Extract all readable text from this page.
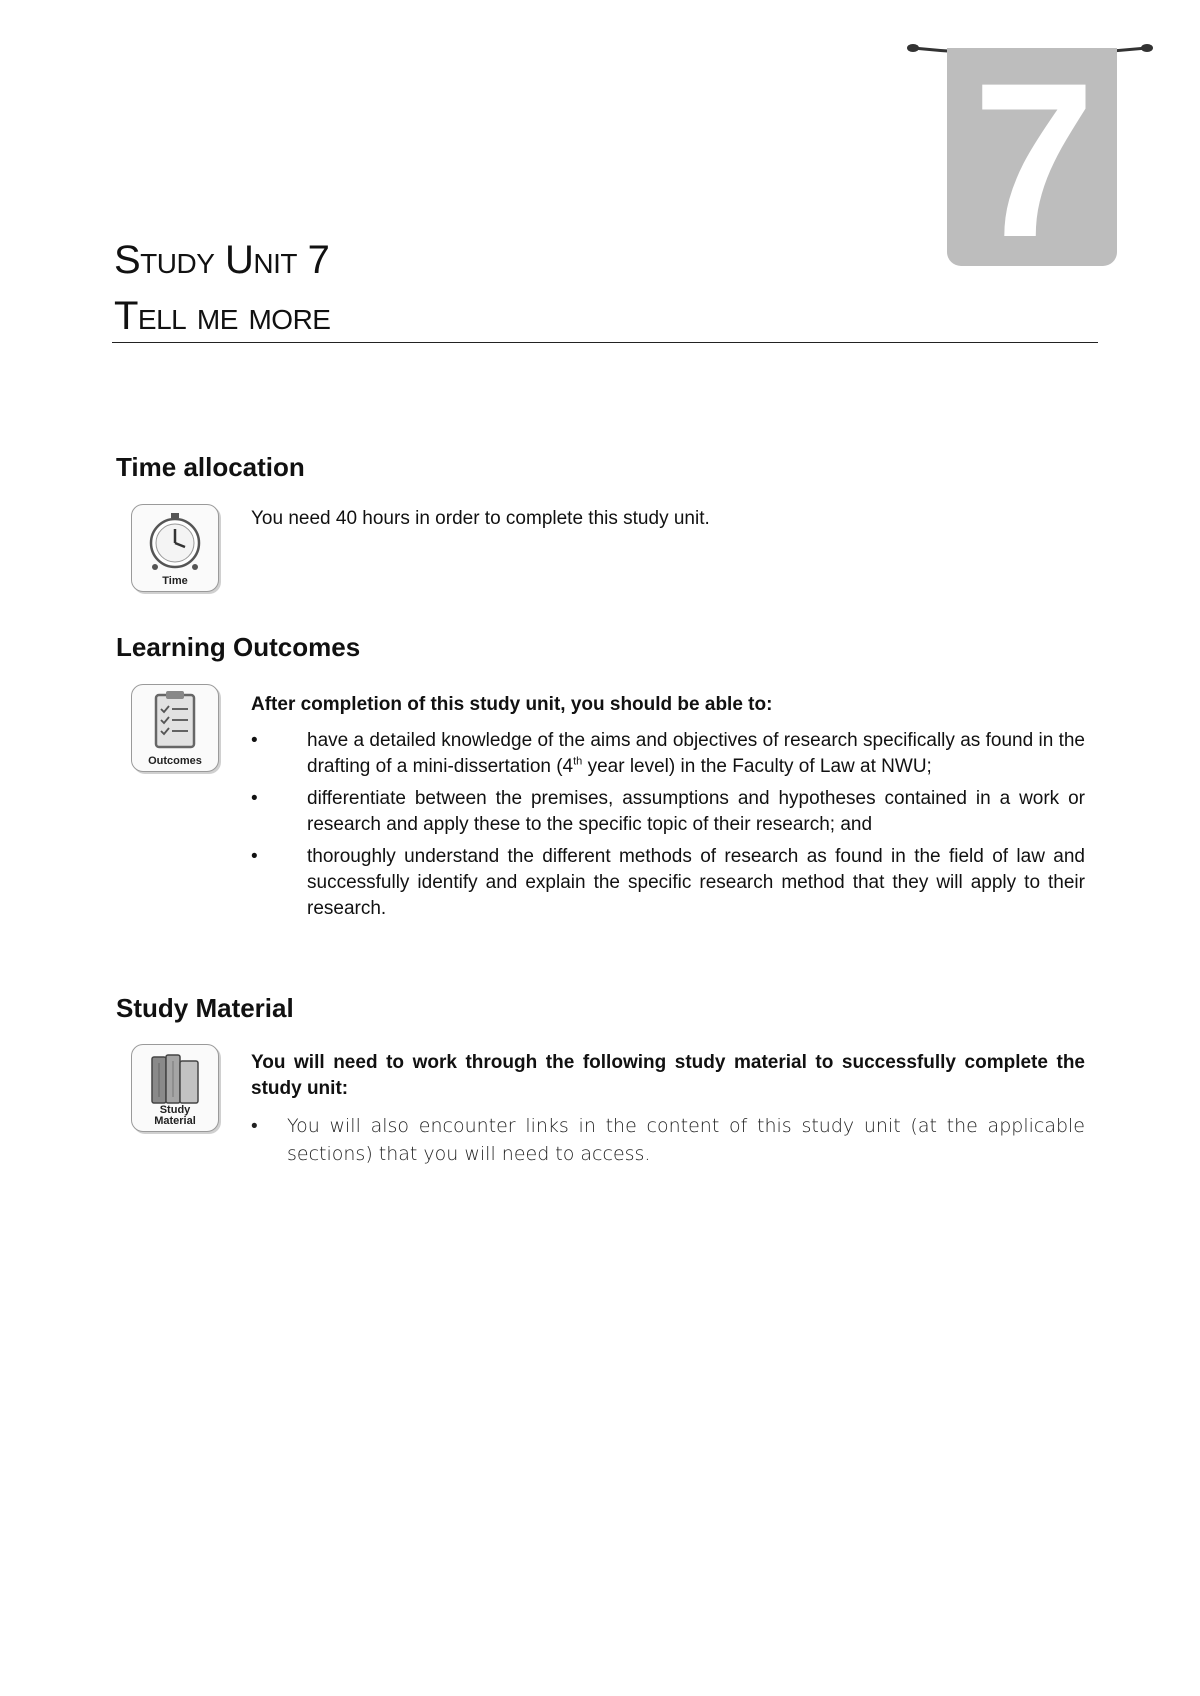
7
Study Unit 7
Tell me more
Time allocation
Time
You need 40 hours in order to complete this study unit.
Learning Outcomes
Outcomes
After completion of this study unit, you should be able to:
•	have a detailed knowledge of the aims and objectives of research specifically as found in the drafting of a mini-dissertation (4th year level) in the Faculty of Law at NWU;
•	differentiate between the premises, assumptions and hypotheses contained in a work or research and apply these to the specific topic of their research; and
•	thoroughly understand the different methods of research as found in the field of law and successfully identify and explain the specific research method that they will apply to their research.
Study Material
Study
Material
You will need to work through the following study material to successfully complete the study unit:
• You will also encounter links in the content of this study unit (at the applicable sections) that you will need to access.
